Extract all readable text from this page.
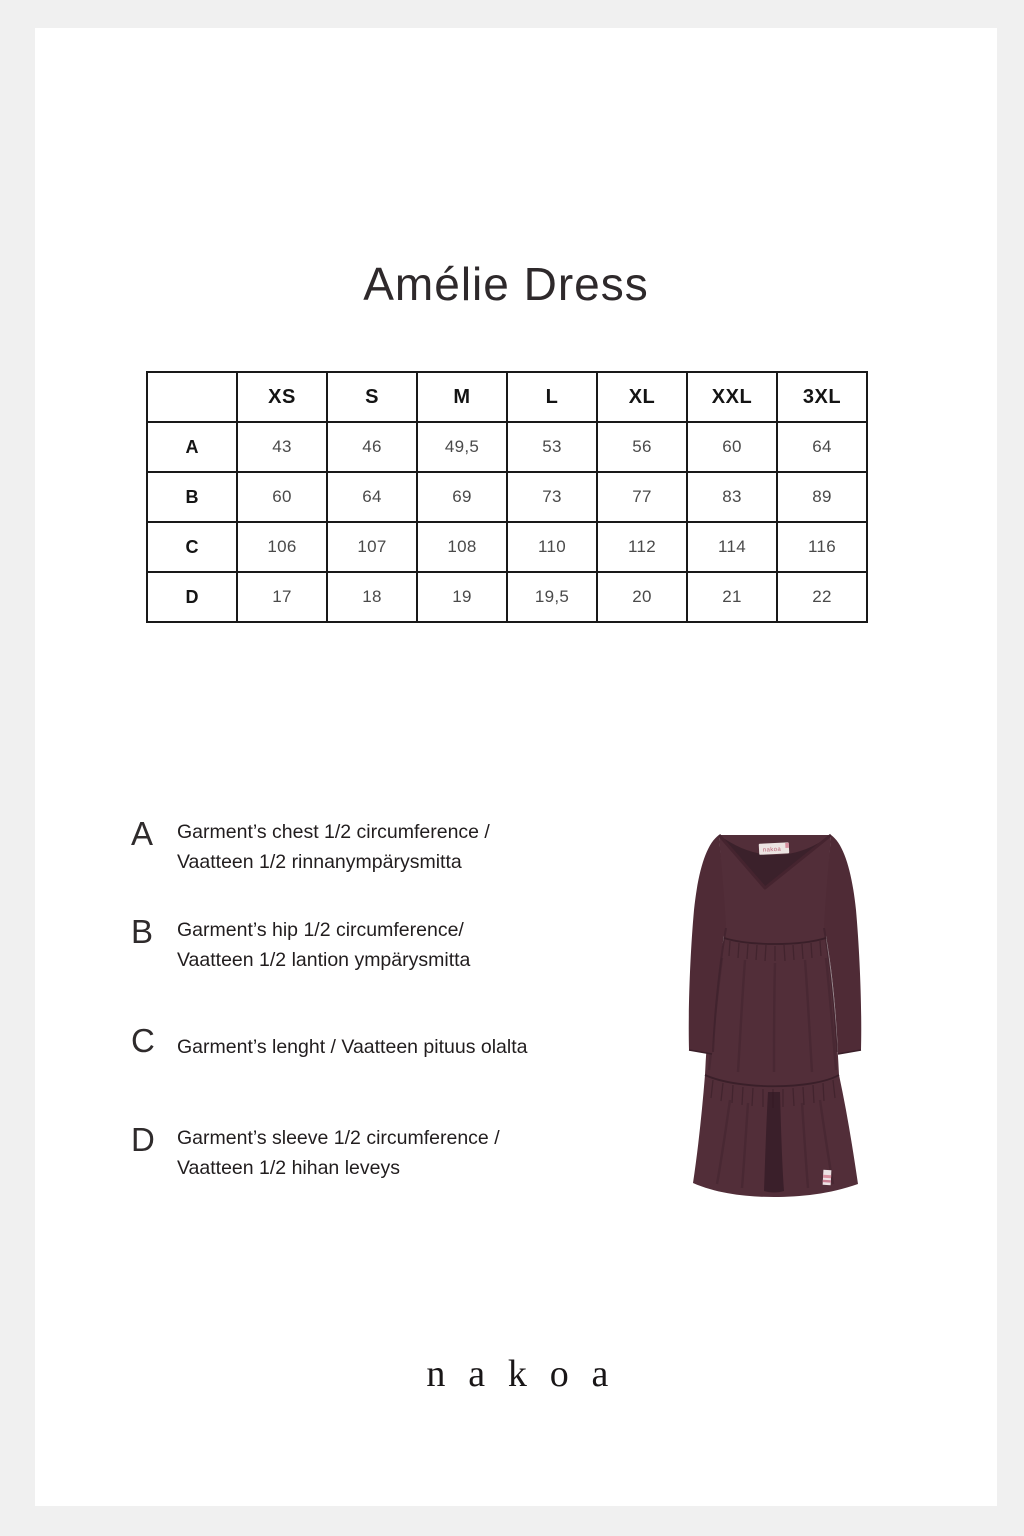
Amélie Dress
	XS	S	M	L	XL	XXL	3XL
A	43	46	49,5	53	56	60	64
B	60	64	69	73	77	83	89
C	106	107	108	110	112	114	116
D	17	18	19	19,5	20	21	22
A	Garment’s chest 1/2 circumference /
Vaatteen 1/2 rinnanympärysmitta
B	Garment’s hip 1/2 circumference/
Vaatteen 1/2 lantion ympärysmitta
C	Garment’s lenght / Vaatteen pituus olalta
D	Garment’s sleeve 1/2 circumference /
Vaatteen 1/2 hihan leveys
nakoa
nakoa
